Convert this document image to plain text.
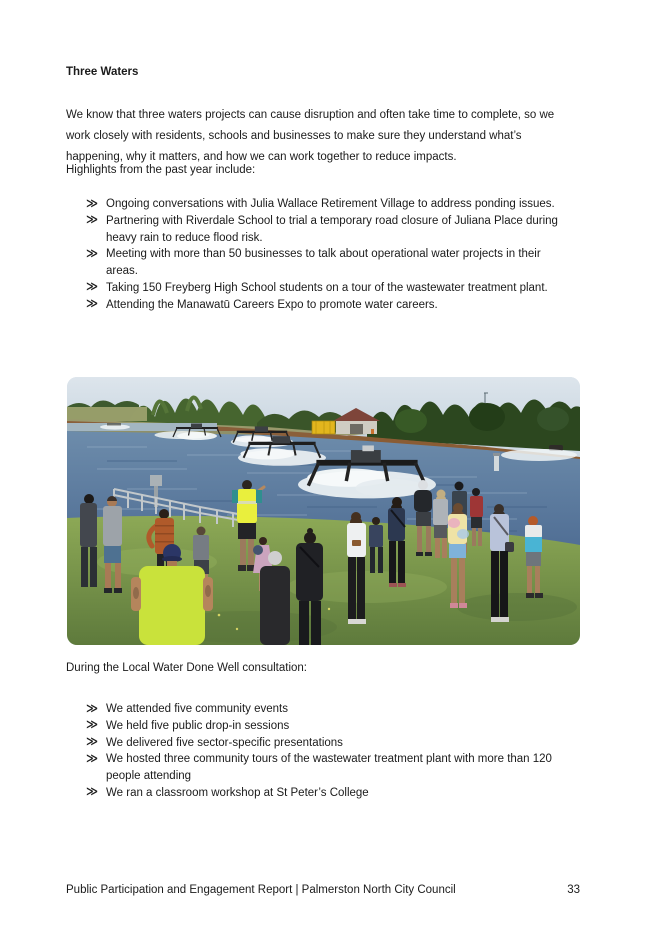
Three Waters

We know that three waters projects can cause disruption and often take time to complete, so we work closely with residents, schools and businesses to make sure they understand what’s happening, why it matters, and how we can work together to reduce impacts.

Highlights from the past year include:
≫ Ongoing conversations with Julia Wallace Retirement Village to address ponding issues.
≫ Partnering with Riverdale School to trial a temporary road closure of Juliana Place during heavy rain to reduce flood risk.
≫ Meeting with more than 50 businesses to talk about operational water projects in their areas.
≫ Taking 150 Freyberg High School students on a tour of the wastewater treatment plant.
≫ Attending the Manawatū Careers Expo to promote water careers.
During the Local Water Done Well consultation:
≫ We attended five community events
≫ We held five public drop-in sessions
≫ We delivered five sector-specific presentations
≫ We hosted three community tours of the wastewater treatment plant with more than 120 people attending
≫ We ran a classroom workshop at St Peter’s College
Public Participation and Engagement Report | Palmerston North City Council	33
